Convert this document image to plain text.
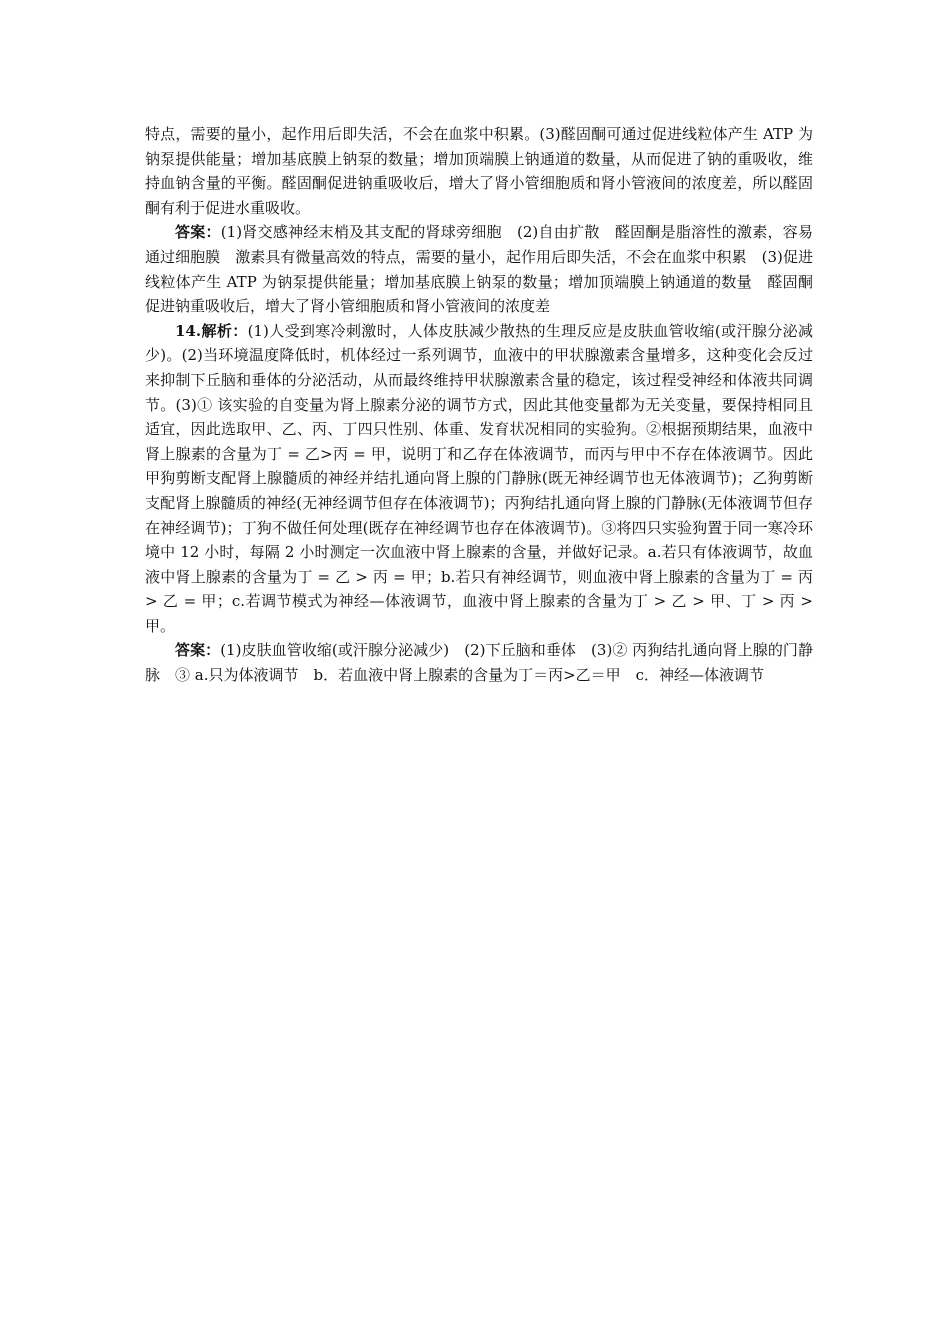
特点，需要的量小，起作用后即失活，不会在血浆中积累。(3)醛固酮可通过促进线粒体产生 ATP 为钠泵提供能量；增加基底膜上钠泵的数量；增加顶端膜上钠通道的数量，从而促进了钠的重吸收，维持血钠含量的平衡。醛固酮促进钠重吸收后，增大了肾小管细胞质和肾小管液间的浓度差，所以醛固酮有利于促进水重吸收。

答案：(1)肾交感神经末梢及其支配的肾球旁细胞　(2)自由扩散　醛固酮是脂溶性的激素，容易通过细胞膜　激素具有微量高效的特点，需要的量小，起作用后即失活，不会在血浆中积累　(3)促进线粒体产生 ATP 为钠泵提供能量；增加基底膜上钠泵的数量；增加顶端膜上钠通道的数量　醛固酮促进钠重吸收后，增大了肾小管细胞质和肾小管液间的浓度差

14.解析：(1)人受到寒冷刺激时，人体皮肤减少散热的生理反应是皮肤血管收缩(或汗腺分泌减少)。(2)当环境温度降低时，机体经过一系列调节，血液中的甲状腺激素含量增多，这种变化会反过来抑制下丘脑和垂体的分泌活动，从而最终维持甲状腺激素含量的稳定，该过程受神经和体液共同调节。(3)① 该实验的自变量为肾上腺素分泌的调节方式，因此其他变量都为无关变量，要保持相同且适宜，因此选取甲、乙、丙、丁四只性别、体重、发育状况相同的实验狗。②根据预期结果，血液中肾上腺素的含量为丁 = 乙>丙 = 甲，说明丁和乙存在体液调节，而丙与甲中不存在体液调节。因此甲狗剪断支配肾上腺髓质的神经并结扎通向肾上腺的门静脉(既无神经调节也无体液调节)；乙狗剪断支配肾上腺髓质的神经(无神经调节但存在体液调节)；丙狗结扎通向肾上腺的门静脉(无体液调节但存在神经调节)；丁狗不做任何处理(既存在神经调节也存在体液调节)。③将四只实验狗置于同一寒冷环境中 12 小时，每隔 2 小时测定一次血液中肾上腺素的含量，并做好记录。a.若只有体液调节，故血液中肾上腺素的含量为丁 = 乙 > 丙 = 甲；b.若只有神经调节，则血液中肾上腺素的含量为丁 = 丙 > 乙 = 甲；c.若调节模式为神经—体液调节，血液中肾上腺素的含量为丁 > 乙 > 甲、丁 > 丙 > 甲。

答案：(1)皮肤血管收缩(或汗腺分泌减少)　(2)下丘脑和垂体　(3)② 丙狗结扎通向肾上腺的门静脉　③ a.只为体液调节　b．若血液中肾上腺素的含量为丁＝丙>乙＝甲　c．神经—体液调节
